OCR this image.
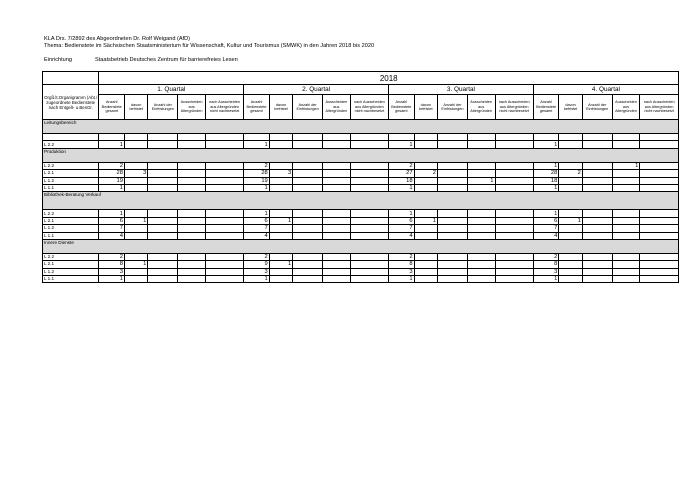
KLA Drs. 7/2892 des Abgeordneten Dr. Rolf Weigand (AfD)
Thema: Bedienstete im Sächsischen Staatsministerium für Wissenschaft, Kultur und Tourismus (SMWK) in den Jahren 2018 bis 2020
Einrichtung	Staatsbetrieb Deutsches Zentrum für barrierefreies Lesen
	2018																			
Orgß.lt.Organigramm (Abt./ zugeordnete Bedienstete nach Entgelt- u.BesGr.	1. Quartal					2. Quartal					3. Quartal					4. Quartal				
	Anzahl Bedienstete gesamt	davon befristet	Anzahl der Einfristungen	Ausscheiden aus Altergründen	nach Ausscheiden aus Altergründen nicht nachbesetzt	Anzahl Bedienstete gesamt	davon befristet	Anzahl der Einfristungen	Ausscheiden aus Altergründen	nach Ausscheiden aus Altergründen nicht nachbesetzt	Anzahl Bedienstete gesamt	davon befristet	Anzahl der Einfristungen	Ausscheiden aus Altergründen	nach Ausscheiden aus Altergründen nicht nachbesetzt	Anzahl Bedienstete gesamt	davon befristet	Anzahl der Einfristungen	Ausscheiden aus Altergründen	nach Ausscheiden aus Altergründen nicht nachbesetzt
Leitungsbereich																				

L 2.2	1					1					1					1				
Produktion																				
L 2.2	2					2					2					1			1	
L 2.1	28	3				28	3				27	2				28	2			
L 1.2	19					19					18			1		18				
L 1.1	1					1					1					1				
Bibliothek-Beratung Verkauf																				
L 2.2	1					1					1					1				
L 2.1	6	1				6	1				6	1				6	1			
L 1.2	7					7					7					7				
L 1.1	4					4					4					4				
Innere Dienste																				
L 2.2	2					2					2					2				
L 2.1	8	1				9	1				8					8				
L 1.2	3					3					3					3				
L 1.1	1					1					1					1				
